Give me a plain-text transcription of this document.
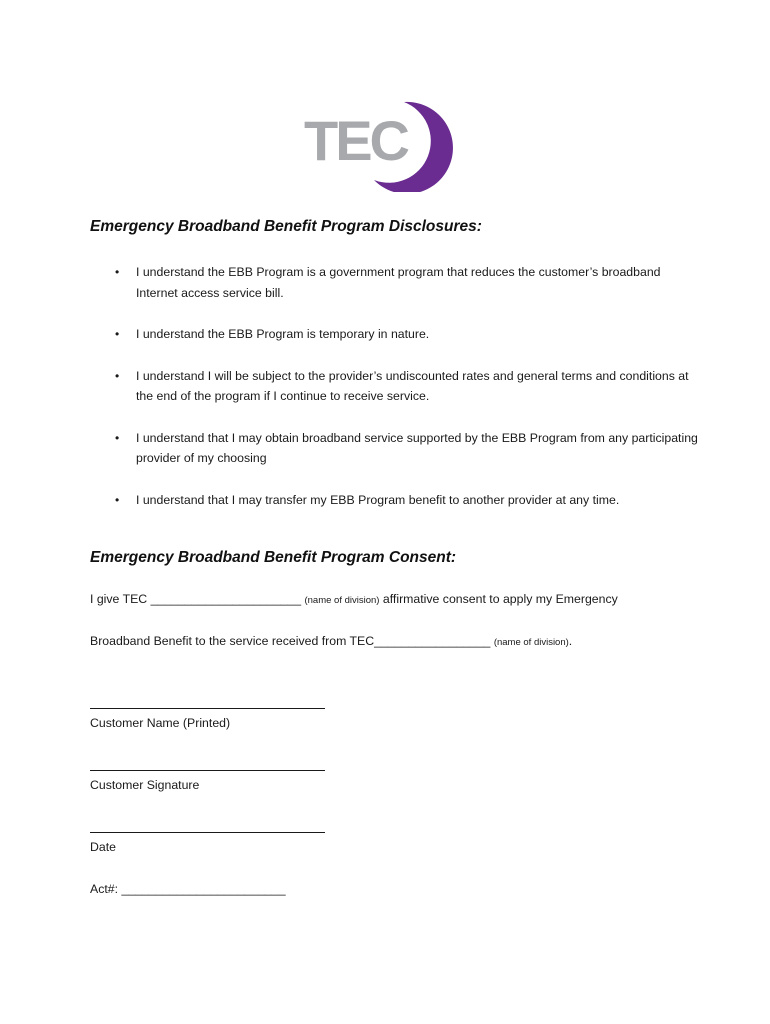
TEC
Emergency Broadband Benefit Program Disclosures:
• I understand the EBB Program is a government program that reduces the customer’s broadband Internet access service bill.
• I understand the EBB Program is temporary in nature.
• I understand I will be subject to the provider’s undiscounted rates and general terms and conditions at the end of the program if I continue to receive service.
• I understand that I may obtain broadband service supported by the EBB Program from any participating provider of my choosing
• I understand that I may transfer my EBB Program benefit to another provider at any time.
Emergency Broadband Benefit Program Consent:
I give TEC ______________________ (name of division) affirmative consent to apply my Emergency
Broadband Benefit to the service received from TEC_________________ (name of division).
Customer Name (Printed)
Customer Signature
Date
Act#: ________________________
